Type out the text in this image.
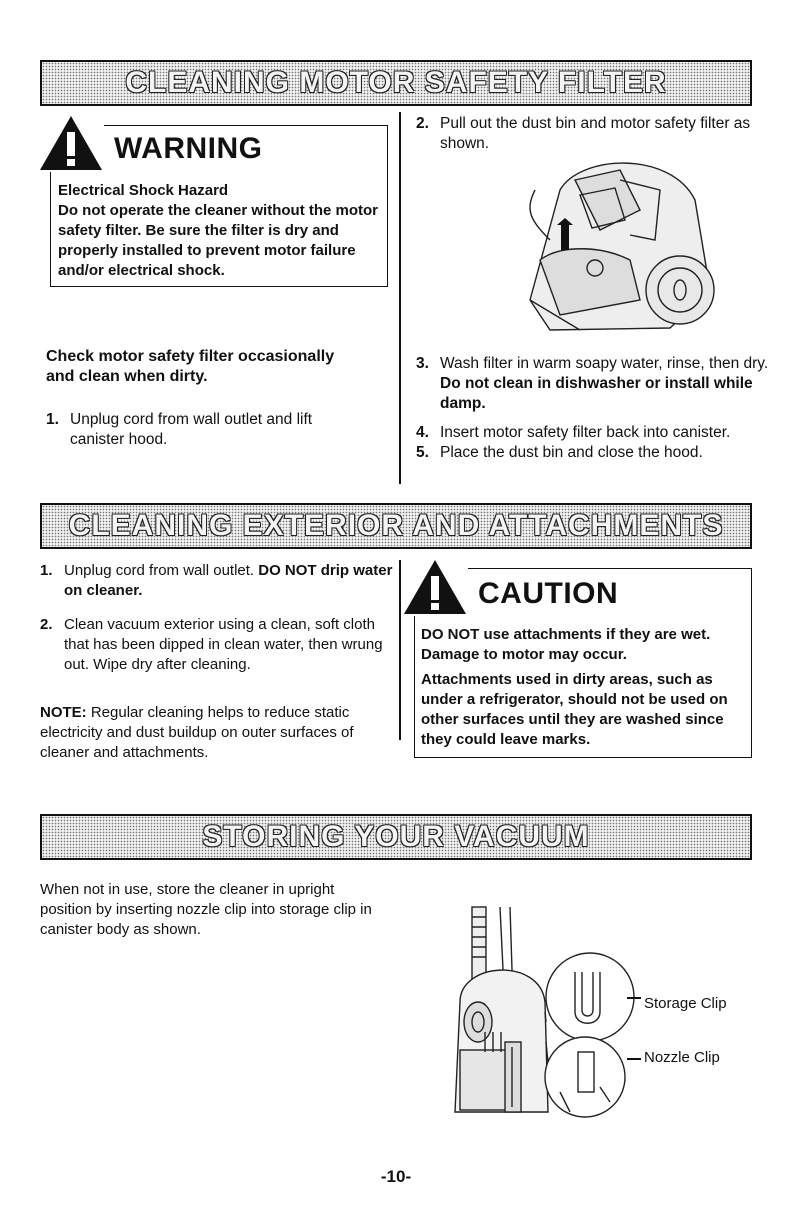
CLEANING MOTOR SAFETY FILTER
WARNING
Electrical Shock Hazard
Do not operate the cleaner without the motor safety filter. Be sure the filter is dry and properly installed to prevent motor failure and/or electrical shock.
Check motor safety filter occasionally and clean when dirty.
1. Unplug cord from wall outlet and lift canister hood.
2. Pull out the dust bin and motor safety filter as shown.
3. Wash filter in warm soapy water, rinse, then dry. Do not clean in dishwasher or install while damp.
4. Insert motor safety filter back into canister.
5. Place the dust bin and close the hood.
CLEANING EXTERIOR AND ATTACHMENTS
1. Unplug cord from wall outlet. DO NOT drip water on cleaner.
2. Clean vacuum exterior using a clean, soft cloth that has been dipped in clean water, then wrung out. Wipe dry after cleaning.
NOTE: Regular cleaning helps to reduce static electricity and dust buildup on outer surfaces of cleaner and attachments.
CAUTION
DO NOT use attachments if they are wet. Damage to motor may occur.
Attachments used in dirty areas, such as under a refrigerator, should not be used on other surfaces until they are washed since they could leave marks.
STORING YOUR VACUUM
When not in use, store the cleaner in upright position by inserting nozzle clip into storage clip in canister body as shown.
Storage Clip
Nozzle Clip
-10-
